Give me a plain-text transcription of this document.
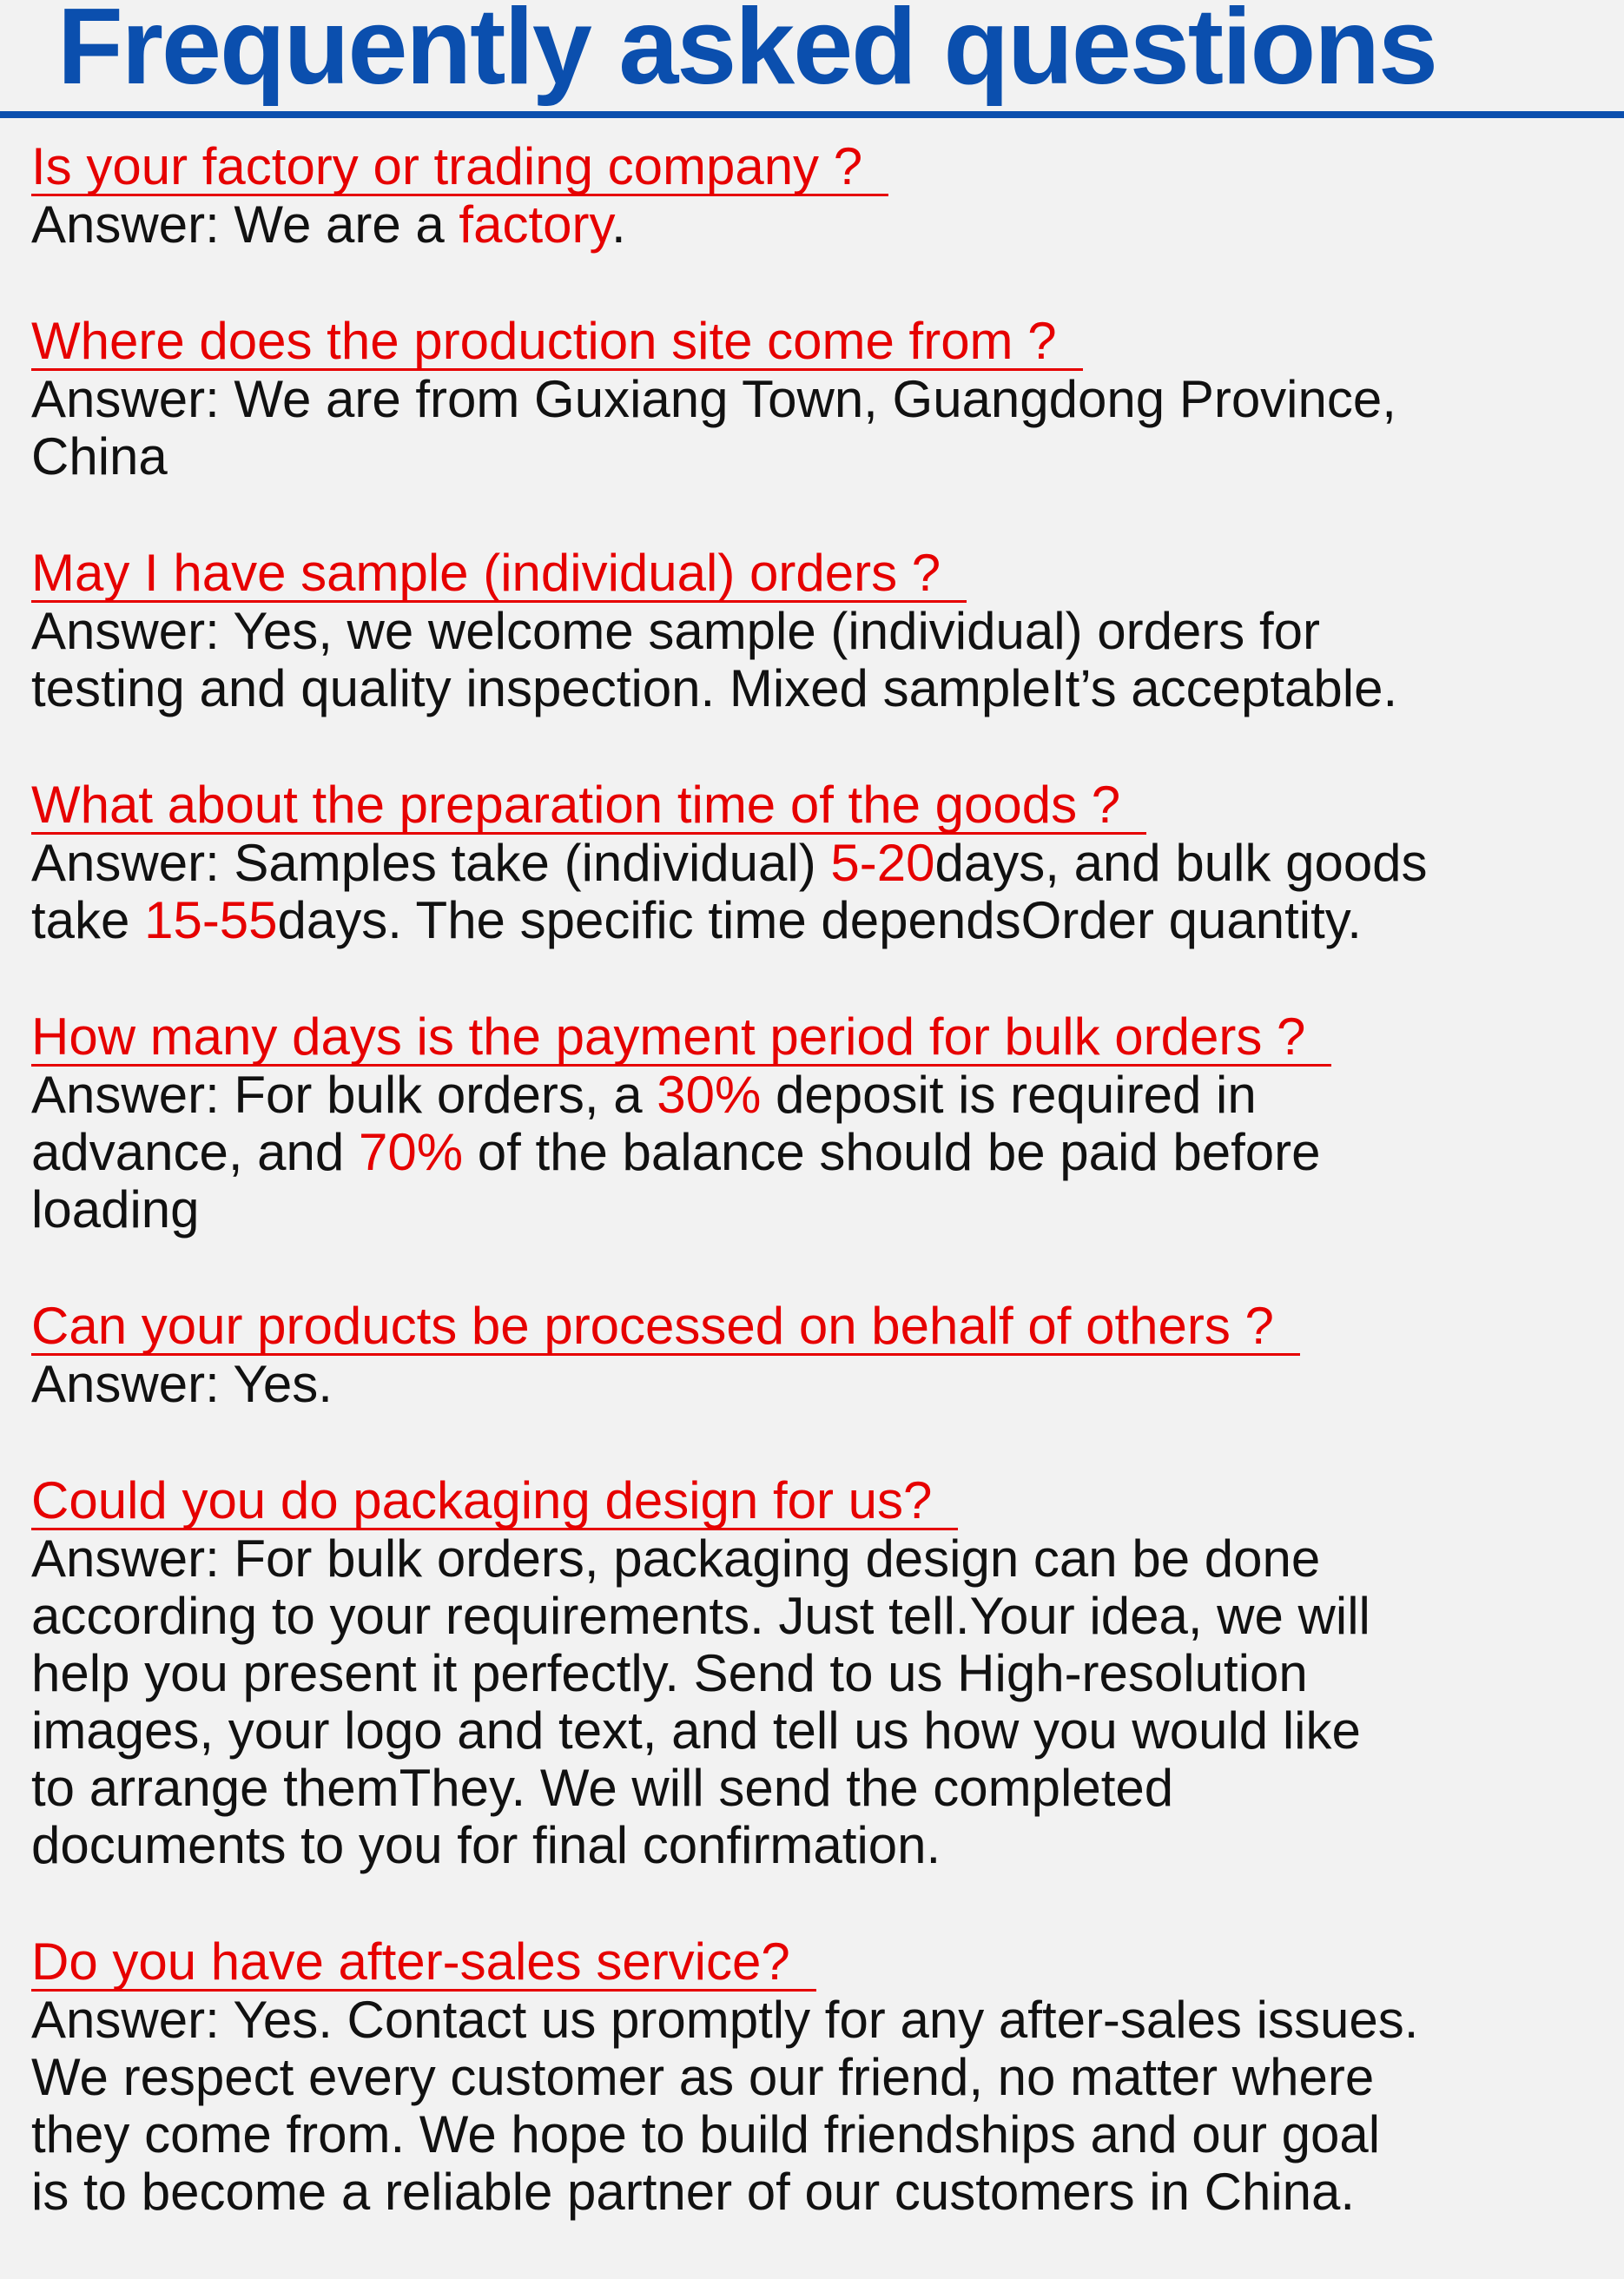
Frequently asked questions
Is your factory or trading company ?
Answer: We are a factory.
Where does the production site come from ?
Answer: We are from Guxiang Town, Guangdong Province,
China
May I have sample (individual) orders ?
Answer: Yes, we welcome sample (individual) orders for
testing and quality inspection. Mixed sampleIt’s acceptable.
What about the preparation time of the goods ?
Answer: Samples take (individual) 5-20days, and bulk goods
take 15-55days. The specific time dependsOrder quantity.
How many days is the payment period for bulk orders ?
Answer: For bulk orders, a 30% deposit is required in
advance, and 70% of the balance should be paid before
loading
Can your products be processed on behalf of others ?
Answer: Yes.
Could you do packaging design for us?
Answer: For bulk orders, packaging design can be done
according to your requirements. Just tell.Your idea, we will
help you present it perfectly. Send to us High-resolution
images, your logo and text, and tell us how you would like
to arrange themThey. We will send the completed
documents to you for final confirmation.
Do you have after-sales service?
Answer: Yes. Contact us promptly for any after-sales issues.
We respect every customer as our friend, no matter where
they come from. We hope to build friendships and our goal
is to become a reliable partner of our customers in China.
